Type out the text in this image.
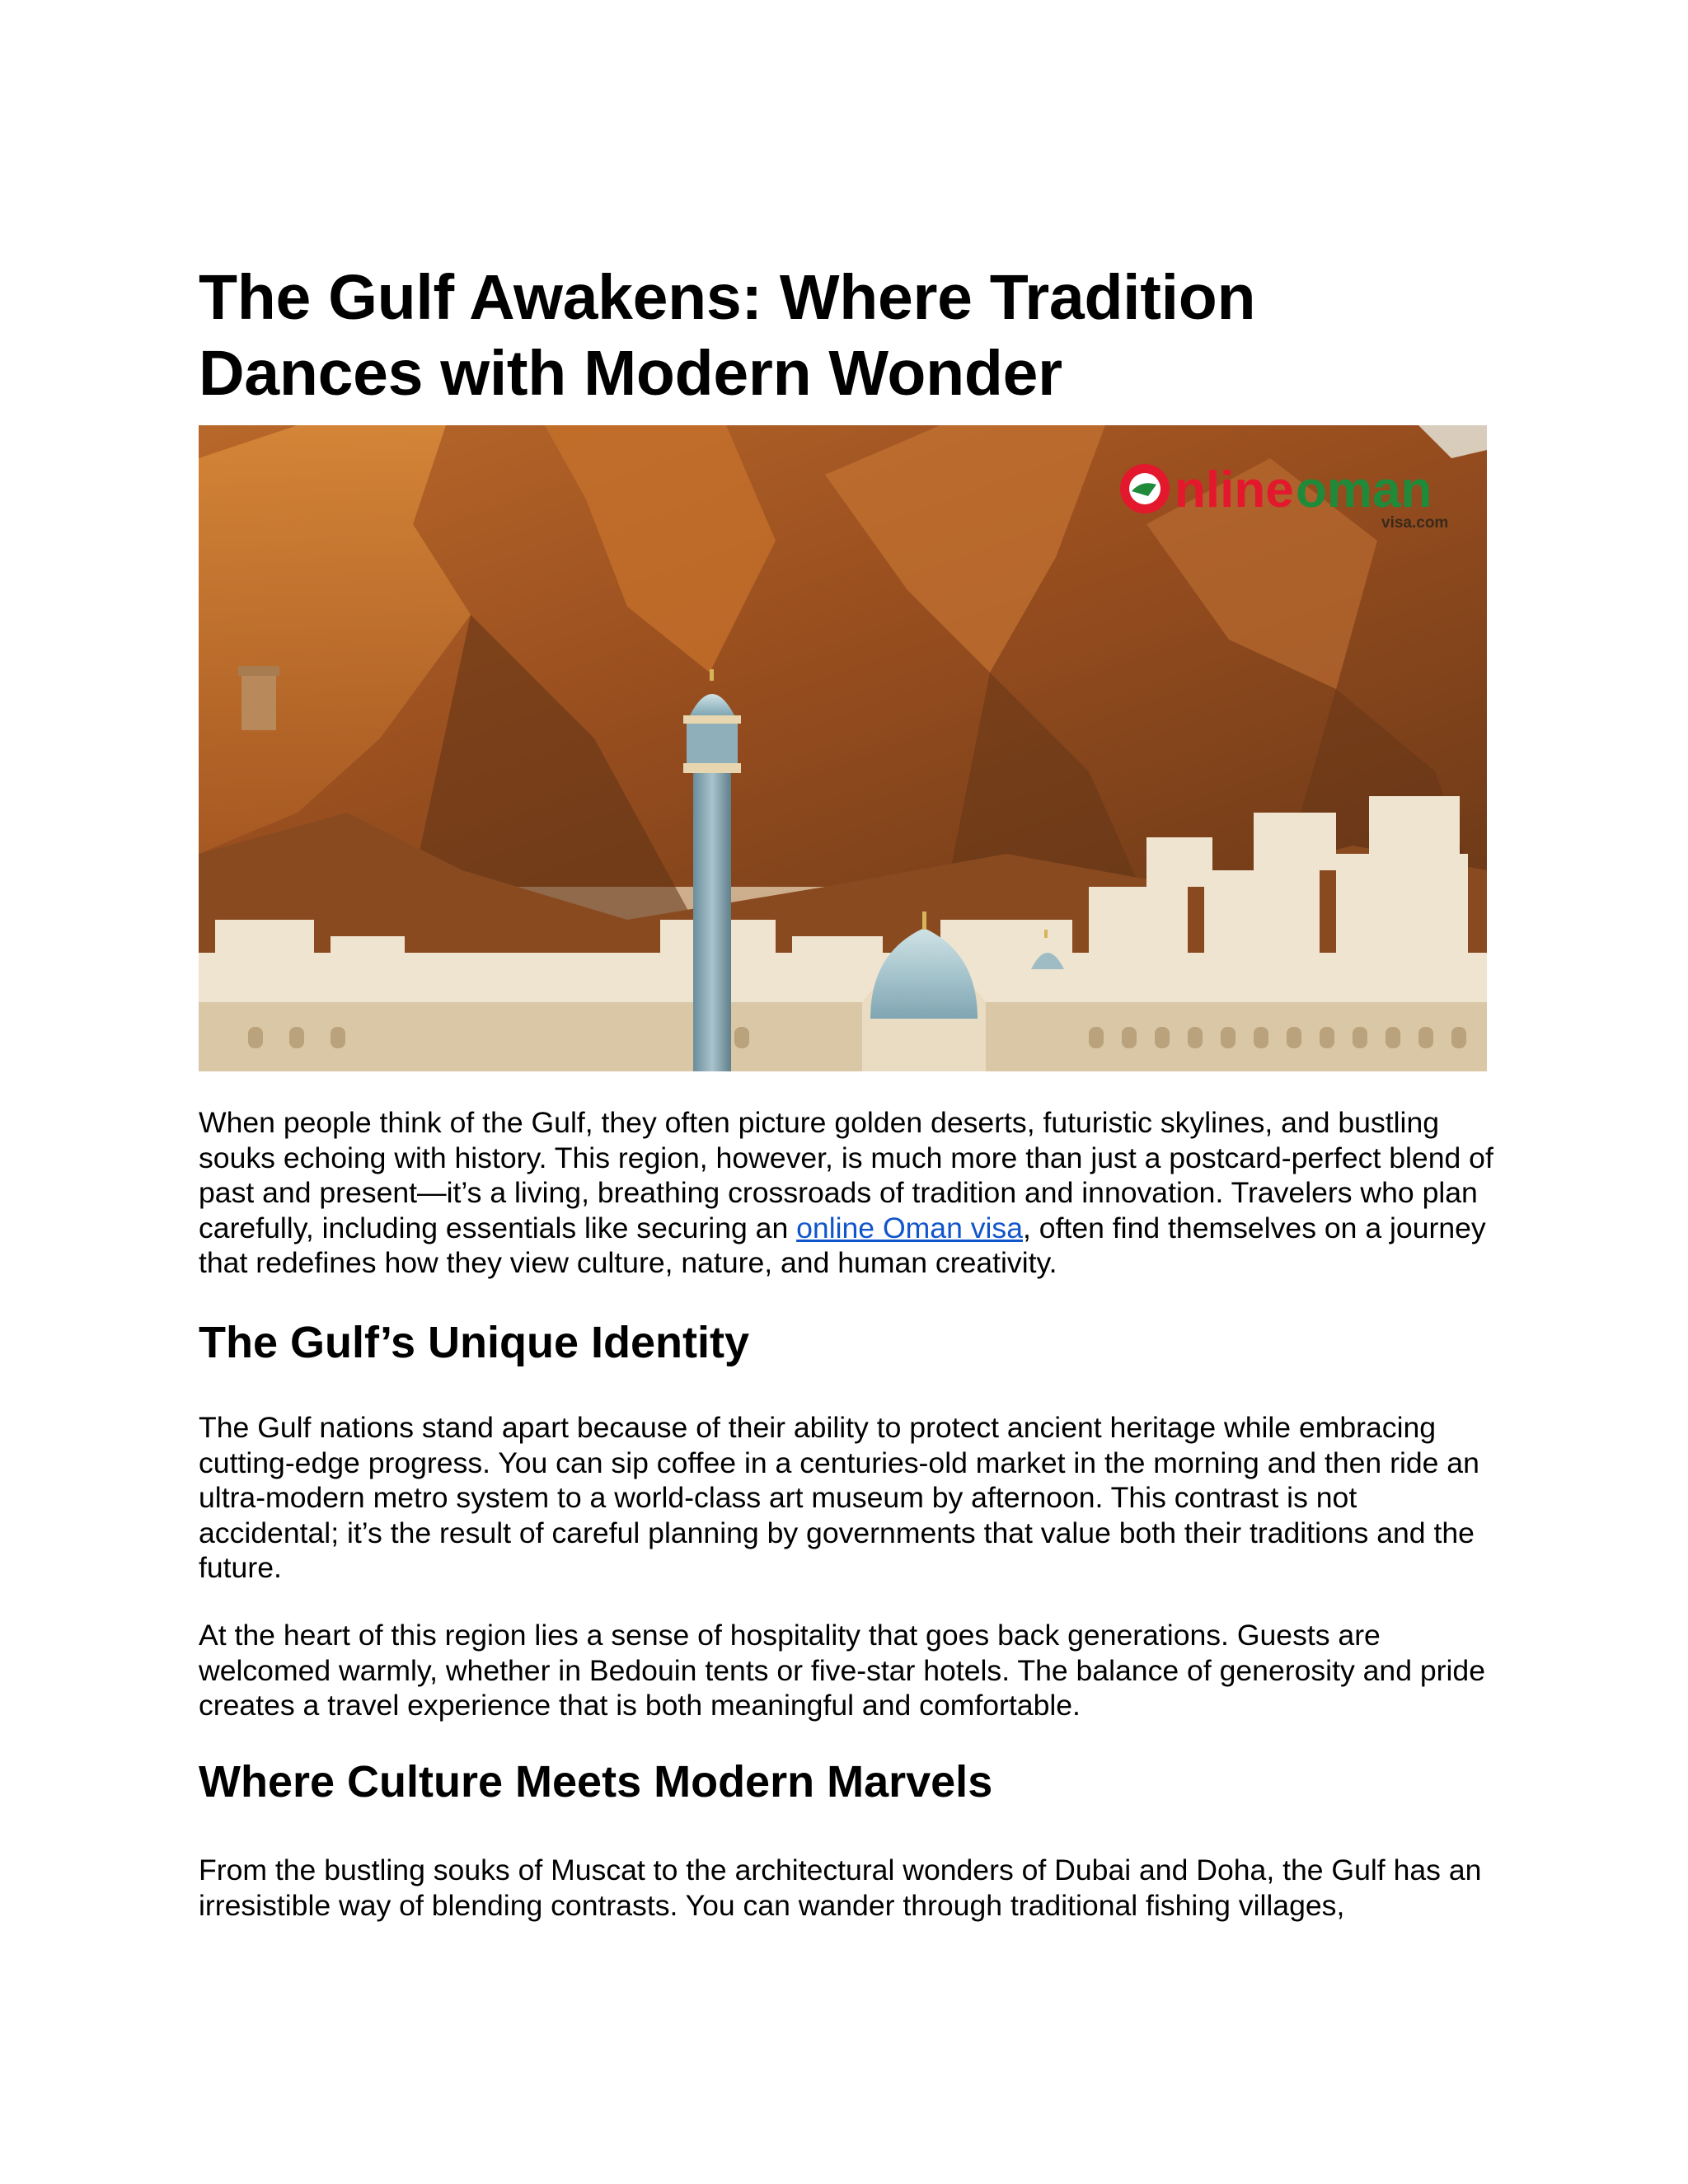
The Gulf Awakens: Where Tradition Dances with Modern Wonder
nline oman
visa.com

When people think of the Gulf, they often picture golden deserts, futuristic skylines, and bustling souks echoing with history. This region, however, is much more than just a postcard-perfect blend of past and present—it’s a living, breathing crossroads of tradition and innovation. Travelers who plan carefully, including essentials like securing an online Oman visa, often find themselves on a journey that redefines how they view culture, nature, and human creativity.

The Gulf’s Unique Identity

The Gulf nations stand apart because of their ability to protect ancient heritage while embracing cutting-edge progress. You can sip coffee in a centuries-old market in the morning and then ride an ultra-modern metro system to a world-class art museum by afternoon. This contrast is not accidental; it’s the result of careful planning by governments that value both their traditions and the future.

At the heart of this region lies a sense of hospitality that goes back generations. Guests are welcomed warmly, whether in Bedouin tents or five-star hotels. The balance of generosity and pride creates a travel experience that is both meaningful and comfortable.

Where Culture Meets Modern Marvels

From the bustling souks of Muscat to the architectural wonders of Dubai and Doha, the Gulf has an irresistible way of blending contrasts. You can wander through traditional fishing villages,
